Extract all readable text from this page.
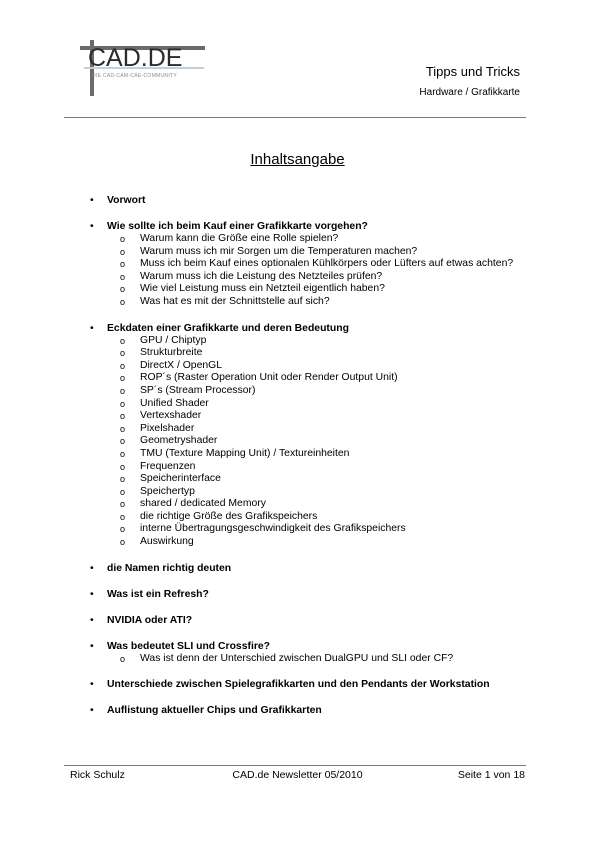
CAD.DE
DIE CAD-CAM-CAE-COMMUNITY	Tipps und Tricks
Hardware / Grafikkarte
Inhaltsangabe
•
Vorwort
•
Wie sollte ich beim Kauf einer Grafikkarte vorgehen?
o
Warum kann die Größe eine Rolle spielen?
o
Warum muss ich mir Sorgen um die Temperaturen machen?
o
Muss ich beim Kauf eines optionalen Kühlkörpers oder Lüfters auf etwas achten?
o
Warum muss ich die Leistung des Netzteiles prüfen?
o
Wie viel Leistung muss ein Netzteil eigentlich haben?
o
Was hat es mit der Schnittstelle auf sich?
•
Eckdaten einer Grafikkarte und deren Bedeutung
o
GPU / Chiptyp
o
Strukturbreite
o
DirectX / OpenGL
o
ROP´s (Raster Operation Unit oder Render Output Unit)
o
SP´s (Stream Processor)
o
Unified Shader
o
Vertexshader
o
Pixelshader
o
Geometryshader
o
TMU (Texture Mapping Unit) / Textureinheiten
o
Frequenzen
o
Speicherinterface
o
Speichertyp
o
shared / dedicated Memory
o
die richtige Größe des Grafikspeichers
o
interne Übertragungsgeschwindigkeit des Grafikspeichers
o
Auswirkung
•
die Namen richtig deuten
•
Was ist ein Refresh?
•
NVIDIA oder ATI?
•
Was bedeutet SLI und Crossfire?
o
Was ist denn der Unterschied zwischen DualGPU und SLI oder CF?
•
Unterschiede zwischen Spielegrafikkarten und den Pendants der Workstation
•
Auflistung aktueller Chips und Grafikkarten
Rick Schulz	CAD.de Newsletter 05/2010	Seite 1 von 18
